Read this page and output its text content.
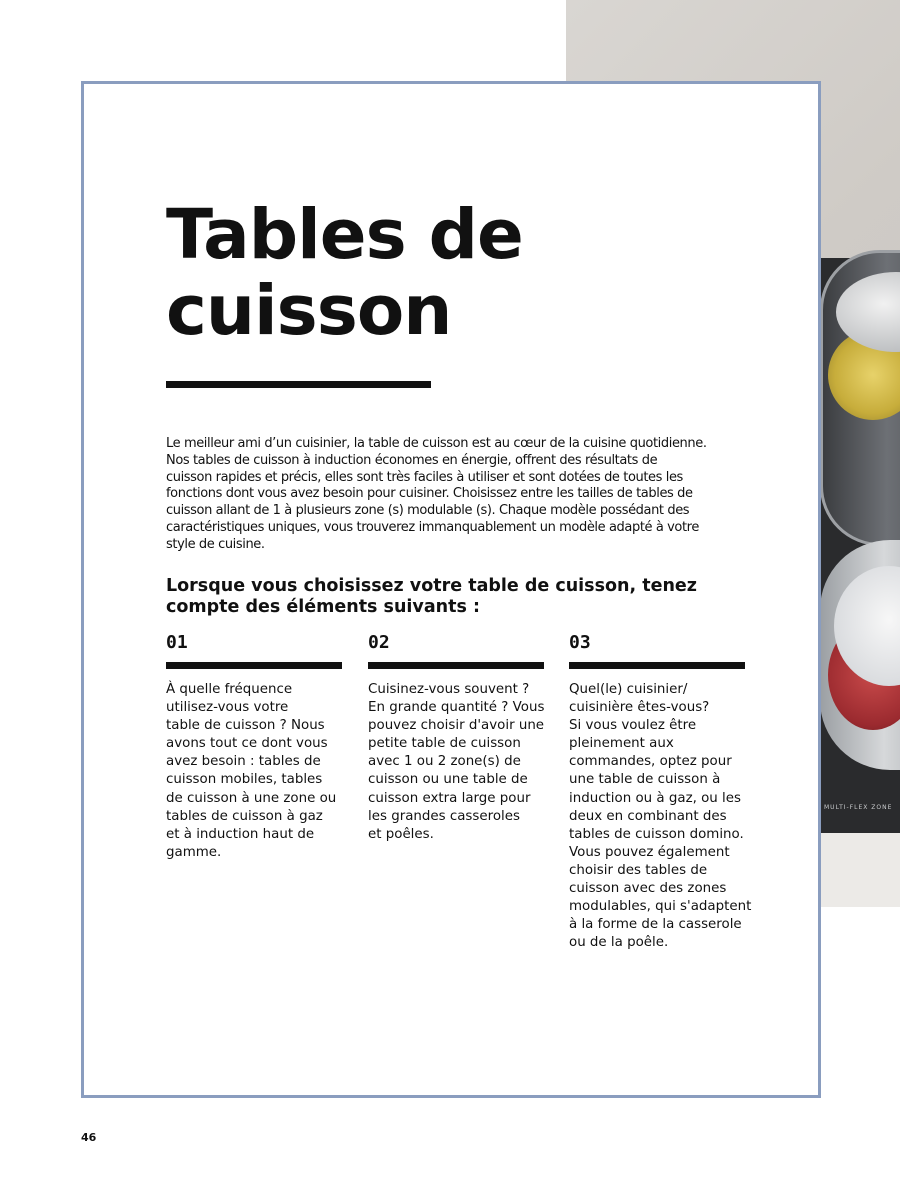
MULTI-FLEX ZONE
Tables de
cuisson
Le meilleur ami d’un cuisinier, la table de cuisson est au cœur de la cuisine quotidienne.
Nos tables de cuisson à induction économes en énergie, offrent des résultats de
cuisson rapides et précis, elles sont très faciles à utiliser et sont dotées de toutes les
fonctions dont vous avez besoin pour cuisiner. Choisissez entre les tailles de tables de
cuisson allant de 1 à plusieurs zone (s) modulable (s). Chaque modèle possédant des
caractéristiques uniques, vous trouverez immanquablement un modèle adapté à votre
style de cuisine.
Lorsque vous choisissez votre table de cuisson, tenez
compte des éléments suivants :
01
À quelle fréquence
utilisez-vous votre
table de cuisson ? Nous
avons tout ce dont vous
avez besoin : tables de
cuisson mobiles, tables
de cuisson à une zone ou
tables de cuisson à gaz
et à induction haut de
gamme.
02
Cuisinez-vous souvent ?
En grande quantité ? Vous
pouvez choisir d'avoir une
petite table de cuisson
avec 1 ou 2 zone(s) de
cuisson ou une table de
cuisson extra large pour
les grandes casseroles
et poêles.
03
Quel(le) cuisinier/
cuisinière êtes-vous?
Si vous voulez être
pleinement aux
commandes, optez pour
une table de cuisson à
induction ou à gaz, ou les
deux en combinant des
tables de cuisson domino.
Vous pouvez également
choisir des tables de
cuisson avec des zones
modulables, qui s'adaptent
à la forme de la casserole
ou de la poêle.
46
